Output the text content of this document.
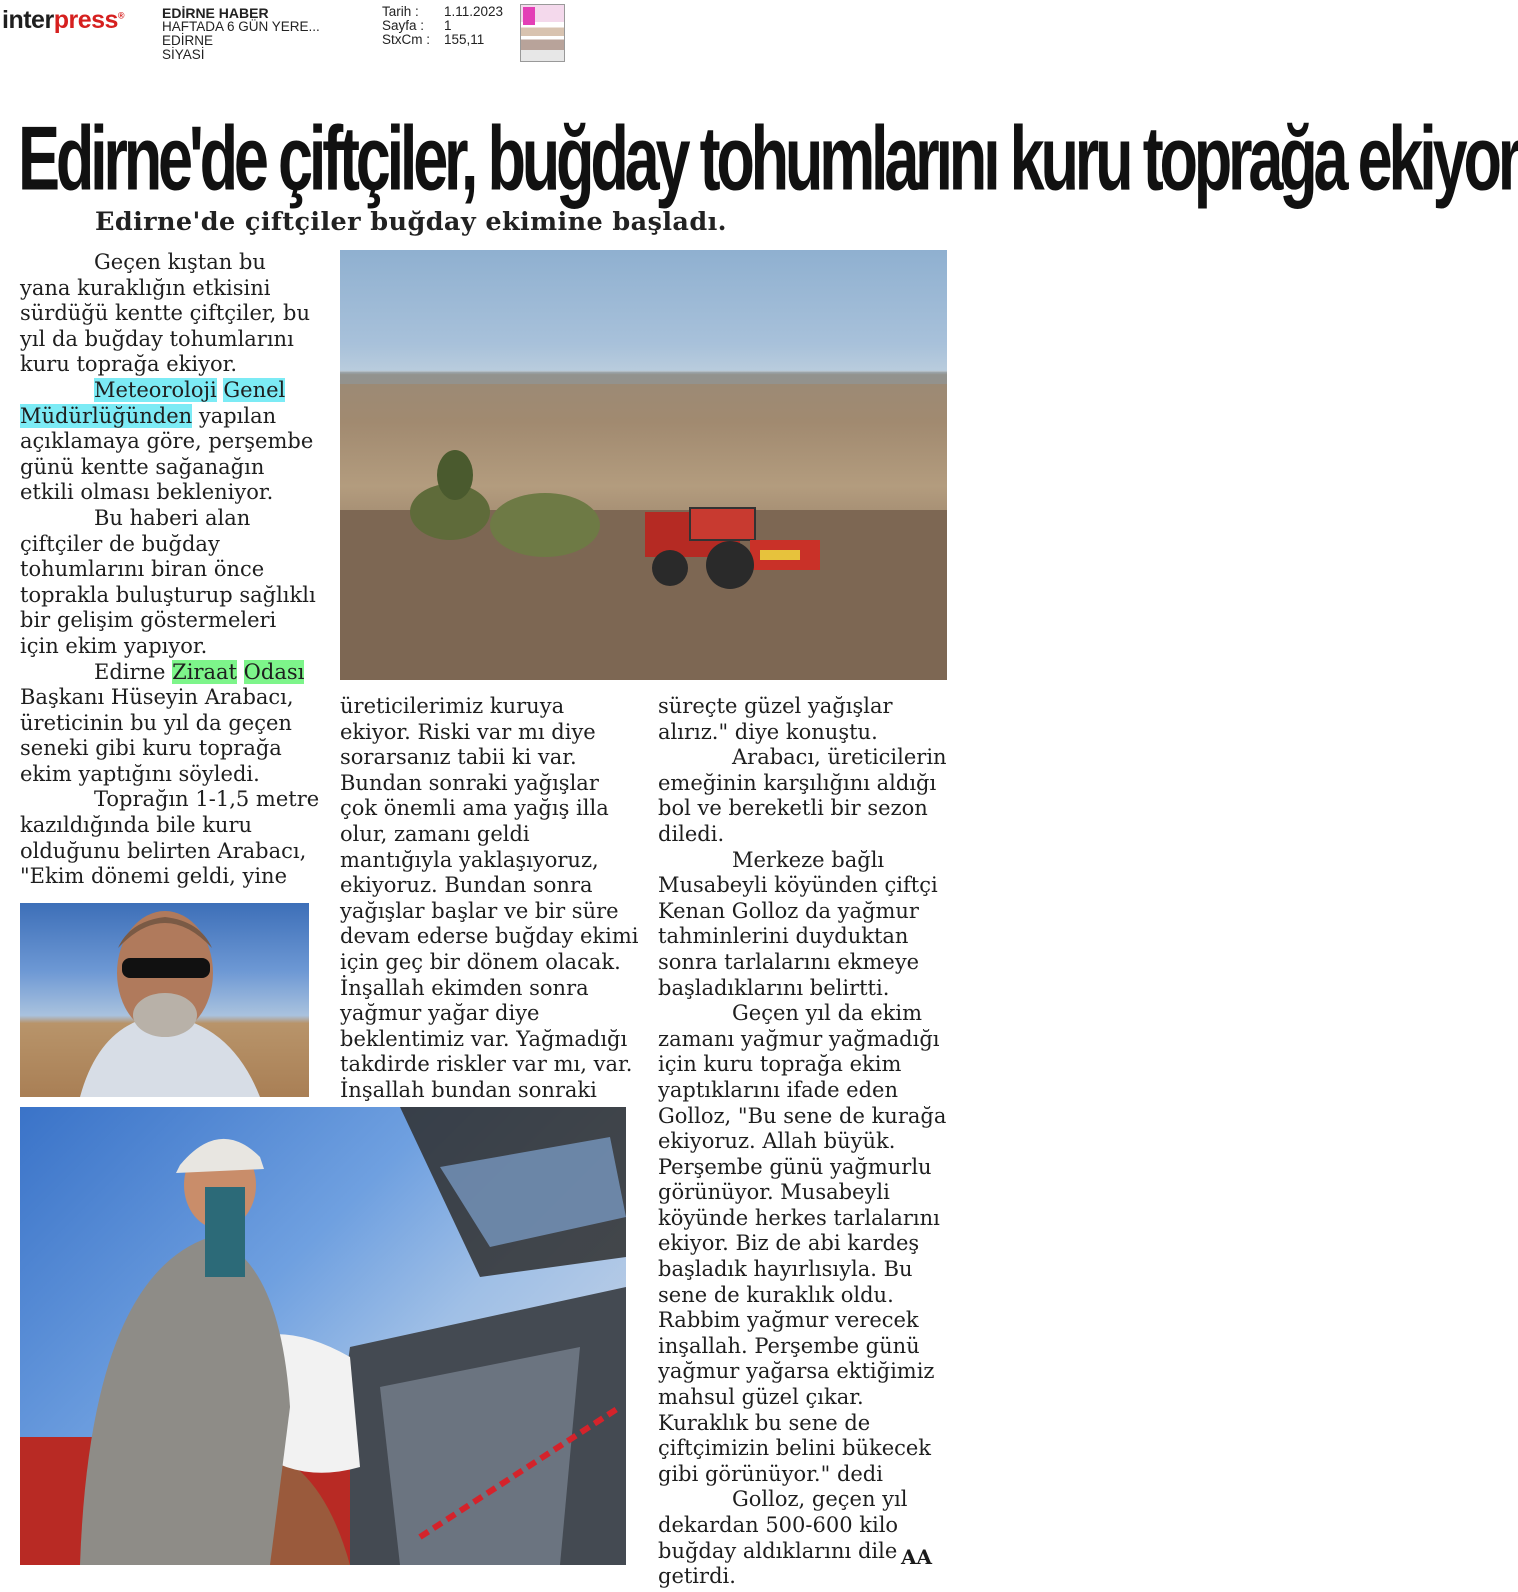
interpress®	EDİRNE HABER
HAFTADA 6 GÜN YERE...
EDİRNE
SİYASİ
Tarih :	1.11.2023
Sayfa :	1
StxCm :	155,11
Edirne'de çiftçiler, buğday tohumlarını kuru toprağa ekiyor
Edirne'de çiftçiler buğday ekimine başladı.

Geçen kıştan bu yana kuraklığın etkisini sürdüğü kentte çiftçiler, bu yıl da buğday tohumlarını kuru toprağa ekiyor.

Meteoroloji Genel Müdürlüğünden yapılan açıklamaya göre, perşembe günü kentte sağanağın etkili olması bekleniyor.

Bu haberi alan çiftçiler de buğday tohumlarını biran önce toprakla buluşturup sağlıklı bir gelişim göstermeleri için ekim yapıyor.

Edirne Ziraat Odası Başkanı Hüseyin Arabacı, üreticinin bu yıl da geçen seneki gibi kuru toprağa ekim yaptığını söyledi.

Toprağın 1-1,5 metre kazıldığında bile kuru olduğunu belirten Arabacı, "Ekim dönemi geldi, yine

üreticilerimiz kuruya ekiyor. Riski var mı diye sorarsanız tabii ki var. Bundan sonraki yağışlar çok önemli ama yağış illa olur, zamanı geldi mantığıyla yaklaşıyoruz, ekiyoruz. Bundan sonra yağışlar başlar ve bir süre devam ederse buğday ekimi için geç bir dönem olacak. İnşallah ekimden sonra yağmur yağar diye beklentimiz var. Yağmadığı takdirde riskler var mı, var. İnşallah bundan sonraki

süreçte güzel yağışlar alırız." diye konuştu.

Arabacı, üreticilerin emeğinin karşılığını aldığı bol ve bereketli bir sezon diledi.

Merkeze bağlı Musabeyli köyünden çiftçi Kenan Golloz da yağmur tahminlerini duyduktan sonra tarlalarını ekmeye başladıklarını belirtti.

Geçen yıl da ekim zamanı yağmur yağmadığı için kuru toprağa ekim yaptıklarını ifade eden Golloz, "Bu sene de kurağa ekiyoruz. Allah büyük. Perşembe günü yağmurlu görünüyor. Musabeyli köyünde herkes tarlalarını ekiyor. Biz de abi kardeş başladık hayırlısıyla. Bu sene de kuraklık oldu. Rabbim yağmur verecek inşallah. Perşembe günü yağmur yağarsa ektiğimiz mahsul güzel çıkar. Kuraklık bu sene de çiftçimizin belini bükecek gibi görünüyor." dedi

Golloz, geçen yıl dekardan 500-600 kilo buğday aldıklarını dile getirdi.

AA
